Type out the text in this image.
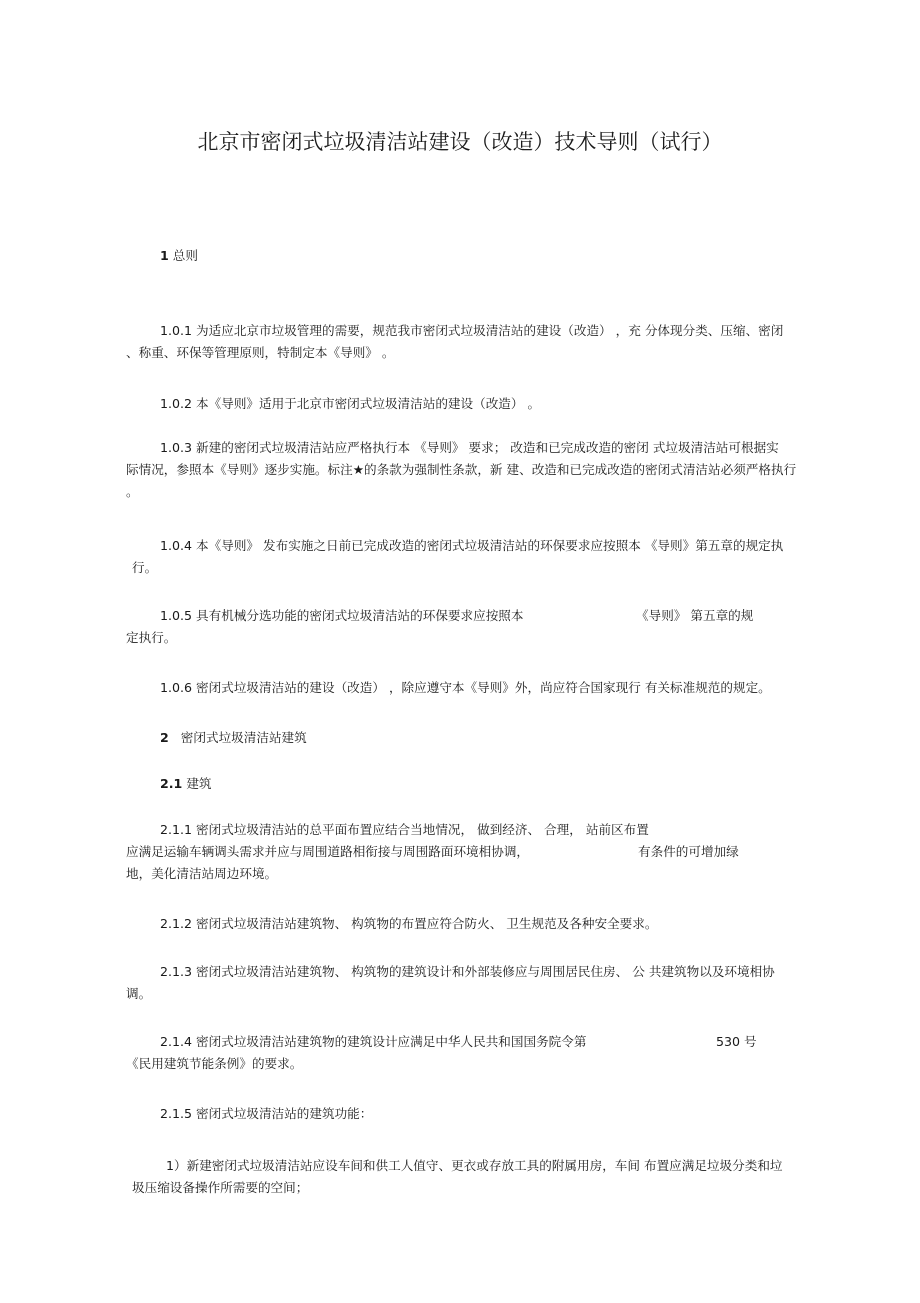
北京市密闭式垃圾清洁站建设（改造）技术导则（试行）
1 总则
1.0.1 为适应北京市垃圾管理的需要，规范我市密闭式垃圾清洁站的建设（改造） ，充 分体现分类、压缩、密闭
、称重、环保等管理原则，特制定本《导则》 。
1.0.2 本《导则》适用于北京市密闭式垃圾清洁站的建设（改造） 。
1.0.3 新建的密闭式垃圾清洁站应严格执行本 《导则》 要求； 改造和已完成改造的密闭 式垃圾清洁站可根据实
际情况，参照本《导则》逐步实施。标注★的条款为强制性条款，新 建、改造和已完成改造的密闭式清洁站必须严格执行
。
1.0.4 本《导则》 发布实施之日前已完成改造的密闭式垃圾清洁站的环保要求应按照本 《导则》第五章的规定执
行。
1.0.5 具有机械分选功能的密闭式垃圾清洁站的环保要求应按照本
定执行。
《导则》 第五章的规
1.0.6 密闭式垃圾清洁站的建设（改造） ，除应遵守本《导则》外，尚应符合国家现行 有关标准规范的规定。
2 密闭式垃圾清洁站建筑
2.1 建筑
2.1.1 密闭式垃圾清洁站的总平面布置应结合当地情况， 做到经济、 合理， 站前区布置
应满足运输车辆调头需求并应与周围道路相衔接与周围路面环境相协调，
地，美化清洁站周边环境。
有条件的可增加绿
2.1.2 密闭式垃圾清洁站建筑物、 构筑物的布置应符合防火、 卫生规范及各种安全要求。
2.1.3 密闭式垃圾清洁站建筑物、 构筑物的建筑设计和外部装修应与周围居民住房、 公 共建筑物以及环境相协
调。
2.1.4 密闭式垃圾清洁站建筑物的建筑设计应满足中华人民共和国国务院令第
《民用建筑节能条例》的要求。
530 号
2.1.5 密闭式垃圾清洁站的建筑功能：
1）新建密闭式垃圾清洁站应设车间和供工人值守、更衣或存放工具的附属用房，车间 布置应满足垃圾分类和垃
圾压缩设备操作所需要的空间；
